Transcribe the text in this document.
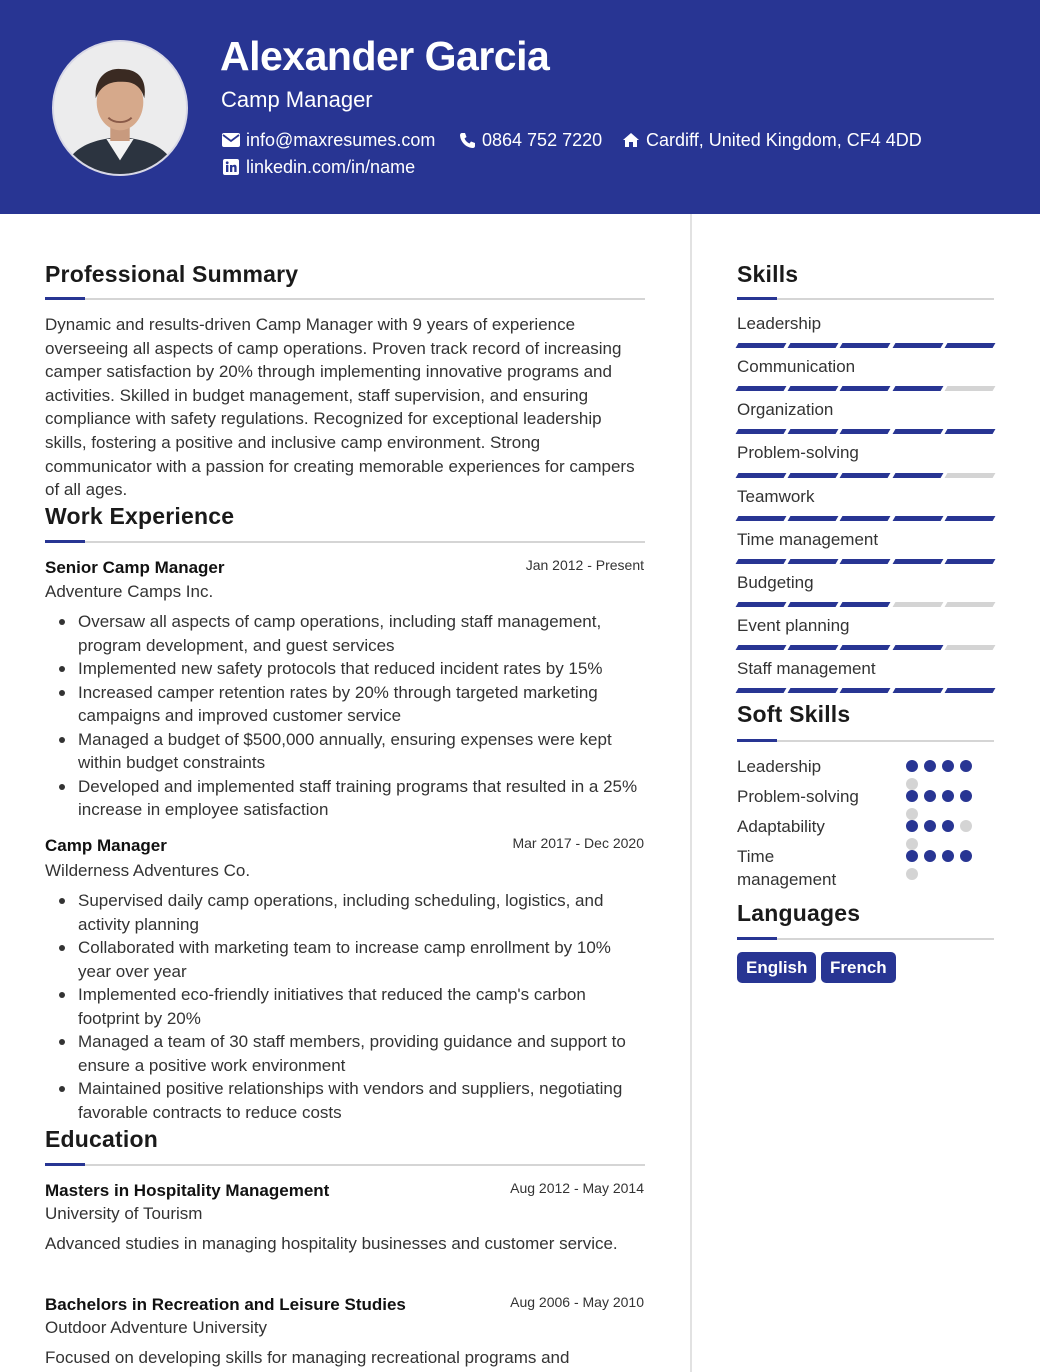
Alexander Garcia
Camp Manager
info@maxresumes.com	0864 752 7220 Cardiff, United Kingdom, CF4 4DD
linkedin.com/in/name
Professional Summary
Dynamic and results-driven Camp Manager with 9 years of experience overseeing all aspects of camp operations. Proven track record of increasing camper satisfaction by 20% through implementing innovative programs and activities. Skilled in budget management, staff supervision, and ensuring compliance with safety regulations. Recognized for exceptional leadership skills, fostering a positive and inclusive camp environment. Strong communicator with a passion for creating memorable experiences for campers of all ages.
Work Experience
Senior Camp Manager	Jan 2012 - Present
Adventure Camps Inc.
Oversaw all aspects of camp operations, including staff management, program development, and guest services
Implemented new safety protocols that reduced incident rates by 15%
Increased camper retention rates by 20% through targeted marketing campaigns and improved customer service
Managed a budget of $500,000 annually, ensuring expenses were kept within budget constraints
Developed and implemented staff training programs that resulted in a 25% increase in employee satisfaction
Camp Manager	Mar 2017 - Dec 2020
Wilderness Adventures Co.
Supervised daily camp operations, including scheduling, logistics, and activity planning
Collaborated with marketing team to increase camp enrollment by 10% year over year
Implemented eco-friendly initiatives that reduced the camp's carbon footprint by 20%
Managed a team of 30 staff members, providing guidance and support to ensure a positive work environment
Maintained positive relationships with vendors and suppliers, negotiating favorable contracts to reduce costs
Education
Masters in Hospitality Management	Aug 2012 - May 2014
University of Tourism
Advanced studies in managing hospitality businesses and customer service.
Bachelors in Recreation and Leisure Studies	Aug 2006 - May 2010
Outdoor Adventure University
Focused on developing skills for managing recreational programs and
Skills
Leadership
Communication
Organization
Problem-solving
Teamwork
Time management
Budgeting
Event planning
Staff management
Soft Skills
Leadership
Problem-solving
Adaptability
Time management
Languages
English	French
